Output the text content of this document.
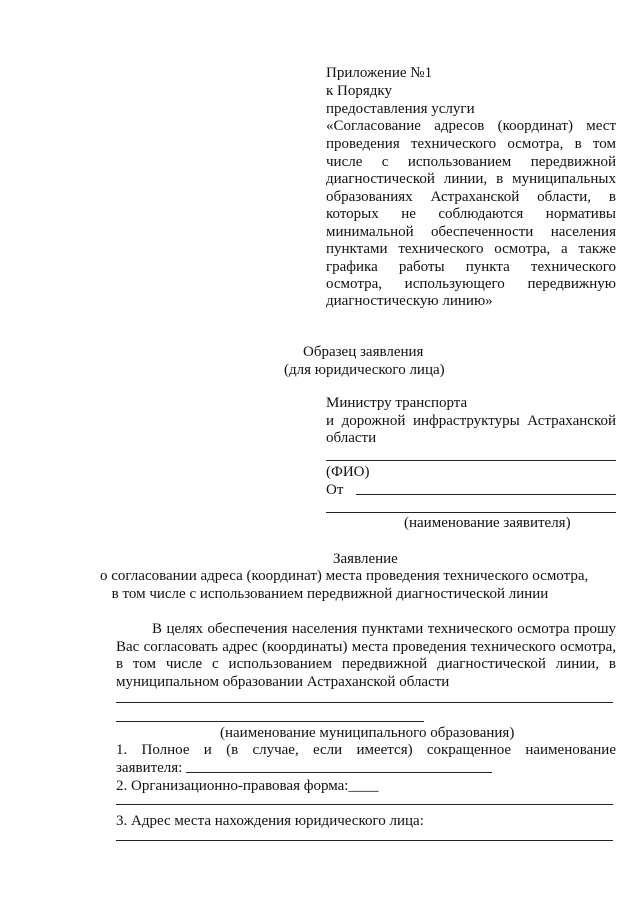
Приложение №1
к Порядку
предоставления услуги
«Согласование адресов (координат) мест
проведения технического осмотра, в том
числе с использованием передвижной
диагностической линии, в муниципальных
образованиях Астраханской области, в
которых не соблюдаются нормативы
минимальной обеспеченности населения
пунктами технического осмотра, а также
графика работы пункта технического
осмотра, использующего передвижную
диагностическую линию»
Образец заявления
(для юридического лица)
Министру транспорта
и дорожной инфраструктуры Астраханской
области
(ФИО)
От
(наименование заявителя)
Заявление
о согласовании адреса (координат) места проведения технического осмотра,
в том числе с использованием передвижной диагностической линии
В целях обеспечения населения пунктами технического осмотра прошу
Вас согласовать адрес (координаты) места проведения технического осмотра,
в том числе с использованием передвижной диагностической линии, в
муниципальном образовании Астраханской области
(наименование муниципального образования)
1. Полное и (в случае, если имеется) сокращенное наименование
заявителя:
2. Организационно-правовая форма:____
3. Адрес места нахождения юридического лица:
